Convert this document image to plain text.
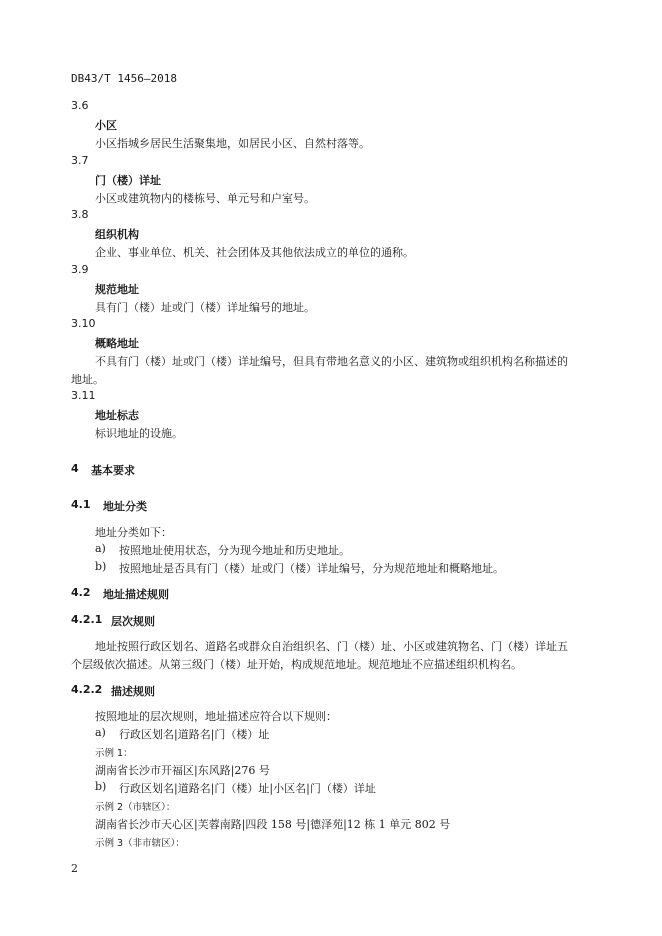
DB43/T 1456—2018
3.6
小区
小区指城乡居民生活聚集地，如居民小区、自然村落等。
3.7
门（楼）详址
小区或建筑物内的楼栋号、单元号和户室号。
3.8
组织机构
企业、事业单位、机关、社会团体及其他依法成立的单位的通称。
3.9
规范地址
具有门（楼）址或门（楼）详址编号的地址。
3.10
概略地址
不具有门（楼）址或门（楼）详址编号，但具有带地名意义的小区、建筑物或组织机构名称描述的
地址。
3.11
地址标志
标识地址的设施。
4 基本要求
4.1 地址分类
地址分类如下：
a) 按照地址使用状态，分为现今地址和历史地址。
b) 按照地址是否具有门（楼）址或门（楼）详址编号，分为规范地址和概略地址。
4.2 地址描述规则
4.2.1 层次规则
地址按照行政区划名、道路名或群众自治组织名、门（楼）址、小区或建筑物名、门（楼）详址五
个层级依次描述。从第三级门（楼）址开始，构成规范地址。规范地址不应描述组织机构名。
4.2.2 描述规则
按照地址的层次规则，地址描述应符合以下规则：
a) 行政区划名|道路名|门（楼）址
示例 1：
湖南省长沙市开福区|东风路|276 号
b) 行政区划名|道路名|门（楼）址|小区名|门（楼）详址
示例 2（市辖区）：
湖南省长沙市天心区|芙蓉南路|四段 158 号|德泽苑|12 栋 1 单元 802 号
示例 3（非市辖区）：
2
